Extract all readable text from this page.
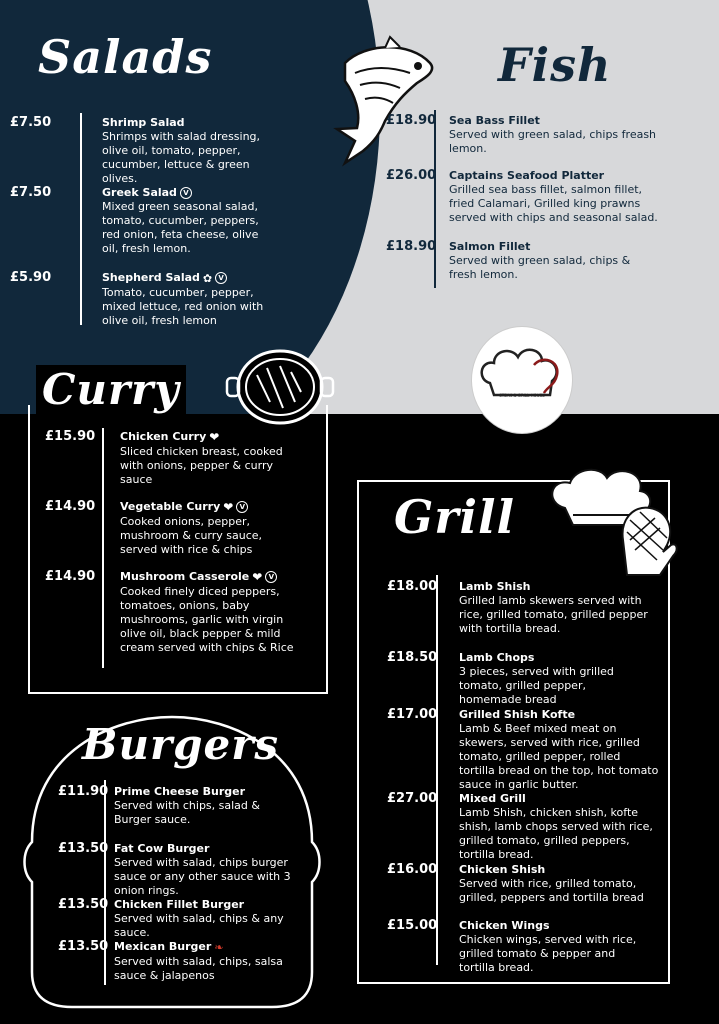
Salads
£7.50	Shrimp Salad
Shrimps with salad dressing, olive oil, tomato, pepper, cucumber, lettuce & green olives.
£7.50	Greek Salad V
Mixed green seasonal salad, tomato, cucumber, peppers, red onion, feta cheese, olive oil, fresh lemon.
£5.90	Shepherd Salad ✿ V
Tomato, cucumber, pepper, mixed lettuce, red onion with olive oil, fresh lemon
Fish
£18.90 Sea Bass Fillet
Served with green salad, chips freash lemon.
£26.00 Captains Seafood Platter
Grilled sea bass fillet, salmon fillet, fried Calamari, Grilled king prawns served with chips and seasonal salad.
£18.90 Salmon Fillet
Served with green salad, chips & fresh lemon.
STEAK & GRILL HOUSE
Curry
£15.90 Chicken Curry ❤
Sliced chicken breast, cooked with onions, pepper & curry sauce
£14.90 Vegetable Curry ❤ V
Cooked onions, pepper, mushroom & curry sauce, served with rice & chips
£14.90 Mushroom Casserole ❤ V
Cooked finely diced peppers, tomatoes, onions, baby mushrooms, garlic with virgin olive oil, black pepper & mild cream served with chips & Rice
Grill
£18.00 Lamb Shish
Grilled lamb skewers served with rice, grilled tomato, grilled pepper with tortilla bread.
£18.50 Lamb Chops
3 pieces, served with grilled tomato, grilled pepper, homemade bread
£17.00 Grilled Shish Kofte
Lamb & Beef mixed meat on skewers, served with rice, grilled tomato, grilled pepper, rolled tortilla bread on the top, hot tomato sauce in garlic butter.
£27.00 Mixed Grill
Lamb Shish, chicken shish, kofte shish, lamb chops served with rice, grilled tomato, grilled peppers, tortilla bread.
£16.00 Chicken Shish
Served with rice, grilled tomato, grilled, peppers and tortilla bread
£15.00 Chicken Wings
Chicken wings, served with rice, grilled tomato & pepper and tortilla bread.
Burgers
£11.90 Prime Cheese Burger
Served with chips, salad & Burger sauce.
£13.50 Fat Cow Burger
Served with salad, chips burger sauce or any other sauce with 3 onion rings.
£13.50 Chicken Fillet Burger
Served with salad, chips & any sauce.
£13.50 Mexican Burger ❧
Served with salad, chips, salsa sauce & jalapenos
